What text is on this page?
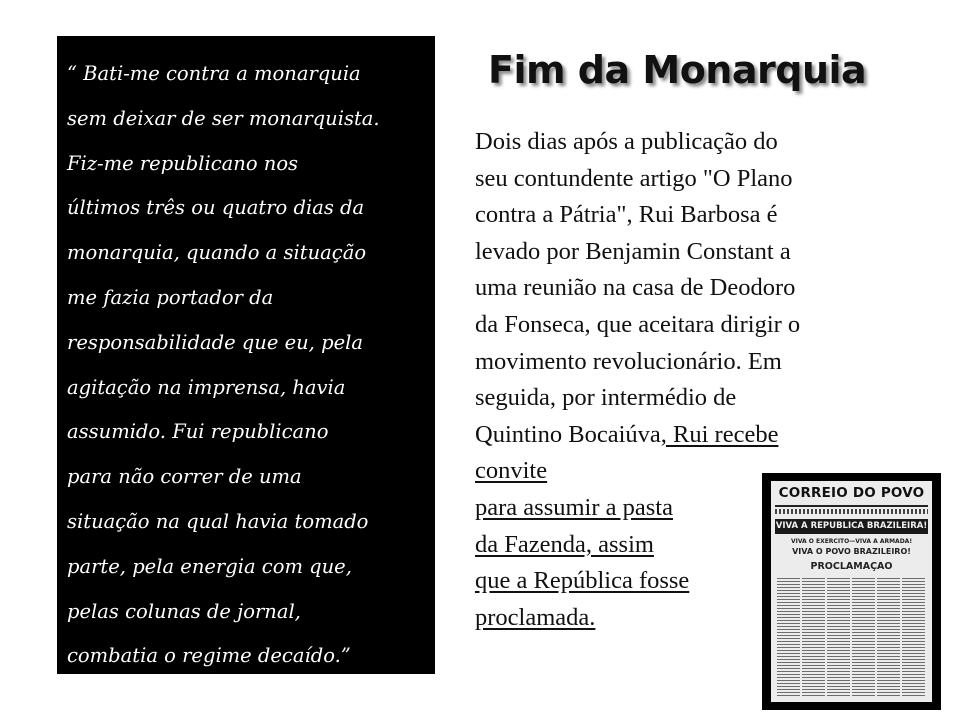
“ Bati-me contra a monarquia
sem deixar de ser monarquista.
Fiz-me republicano nos
últimos três ou quatro dias da
monarquia, quando a situação
me fazia portador da
responsabilidade que eu, pela
agitação na imprensa, havia
assumido. Fui republicano
para não correr de uma
situação na qual havia tomado
parte, pela energia com que,
pelas colunas de jornal,
combatia o regime decaído.”
Fim da Monarquia
Dois dias após a publicação do
seu contundente artigo "O Plano
contra a Pátria", Rui Barbosa é
levado por Benjamin Constant a
uma reunião na casa de Deodoro
da Fonseca, que aceitara dirigir o
movimento revolucionário. Em
seguida, por intermédio de
Quintino Bocaiúva, Rui recebe
convite
para assumir a pasta
da Fazenda, assim
que a República fosse
proclamada.
CORREIO DO POVO
VIVA A REPUBLICA BRAZILEIRA!
VIVA O EXERCITO—VIVA A ARMADA!
VIVA O POVO BRAZILEIRO!
PROCLAMAÇÃO
